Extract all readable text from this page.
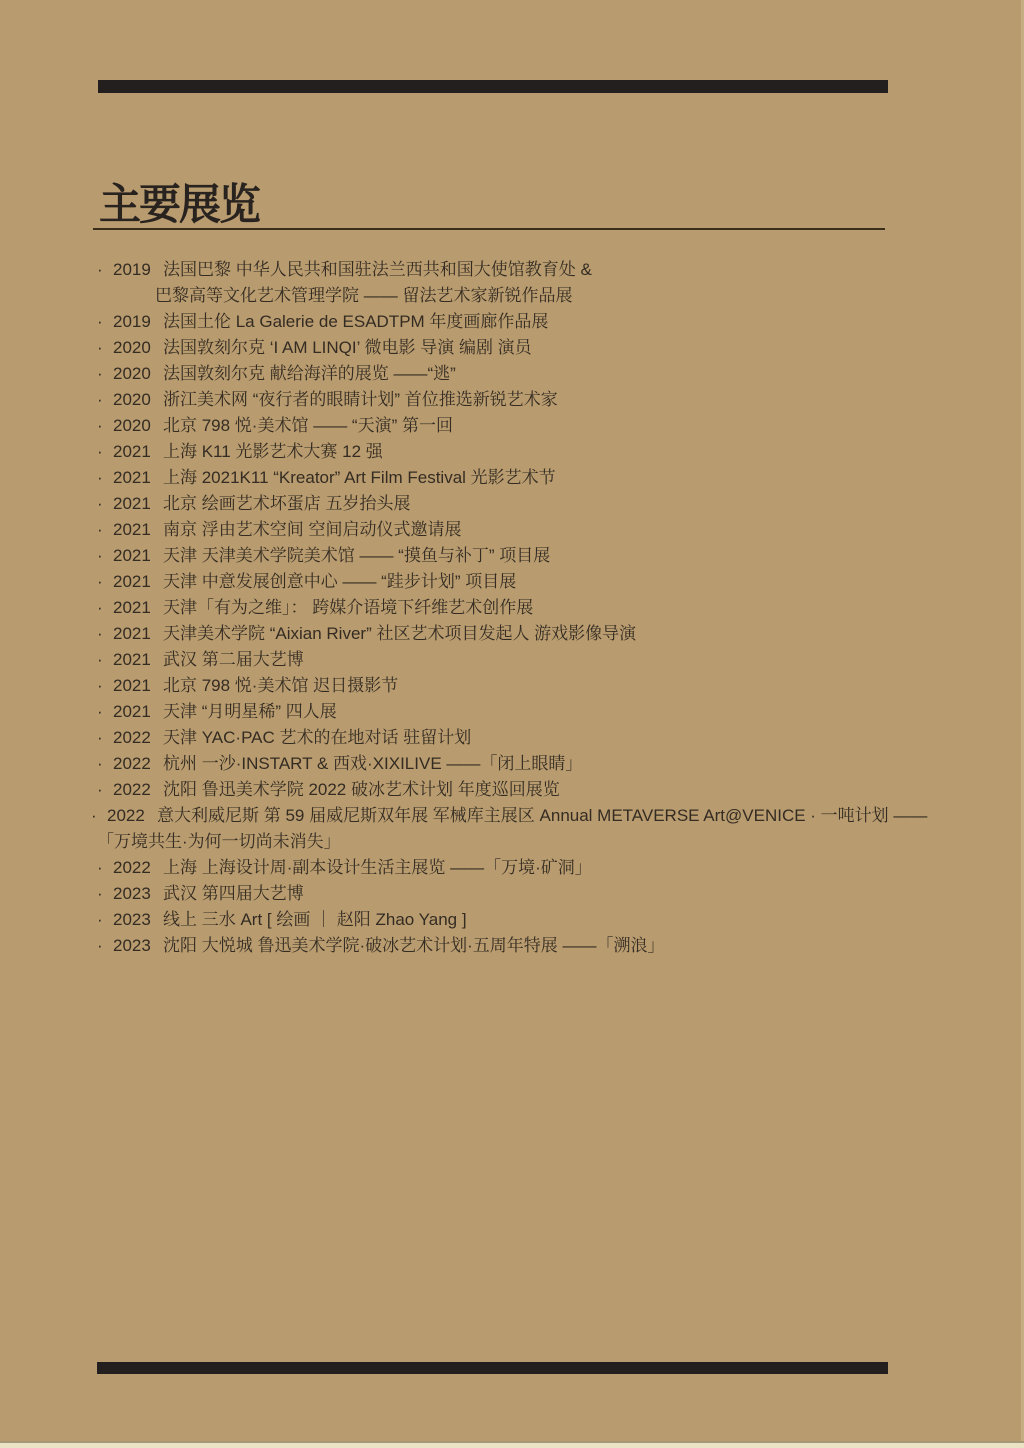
主要展览
· 2019 法国巴黎 中华人民共和国驻法兰西共和国大使馆教育处 &
巴黎高等文化艺术管理学院 —— 留法艺术家新锐作品展
· 2019 法国土伦 La Galerie de ESADTPM 年度画廊作品展
· 2020 法国敦刻尔克 ‘I AM LINQI’ 微电影 导演 编剧 演员
· 2020 法国敦刻尔克 献给海洋的展览 ——“逃”
· 2020 浙江美术网 “夜行者的眼睛计划” 首位推选新锐艺术家
· 2020 北京 798 悦·美术馆 —— “天演” 第一回
· 2021 上海 K11 光影艺术大赛 12 强
· 2021 上海 2021K11 “Kreator” Art Film Festival 光影艺术节
· 2021 北京 绘画艺术坏蛋店 五岁抬头展
· 2021 南京 浮由艺术空间 空间启动仪式邀请展
· 2021 天津 天津美术学院美术馆 —— “摸鱼与补丁” 项目展
· 2021 天津 中意发展创意中心 —— “跬步计划” 项目展
· 2021 天津「有为之维」： 跨媒介语境下纤维艺术创作展
· 2021 天津美术学院 “Aixian River” 社区艺术项目发起人 游戏影像导演
· 2021 武汉 第二届大艺博
· 2021 北京 798 悦·美术馆 迟日摄影节
· 2021 天津 “月明星稀” 四人展
· 2022 天津 YAC·PAC 艺术的在地对话 驻留计划
· 2022 杭州 一沙·INSTART & 西戏·XIXILIVE ——「闭上眼睛」
· 2022 沈阳 鲁迅美术学院 2022 破冰艺术计划 年度巡回展览
· 2022 意大利威尼斯 第 59 届威尼斯双年展 军械库主展区 Annual METAVERSE Art@VENICE · 一吨计划 ——
「万境共生·为何一切尚未消失」
· 2022 上海 上海设计周·副本设计生活主展览 ——「万境·矿洞」
· 2023 武汉 第四届大艺博
· 2023 线上 三水 Art [ 绘画 ｜ 赵阳 Zhao Yang ]
· 2023 沈阳 大悦城 鲁迅美术学院·破冰艺术计划·五周年特展 ——「溯浪」
